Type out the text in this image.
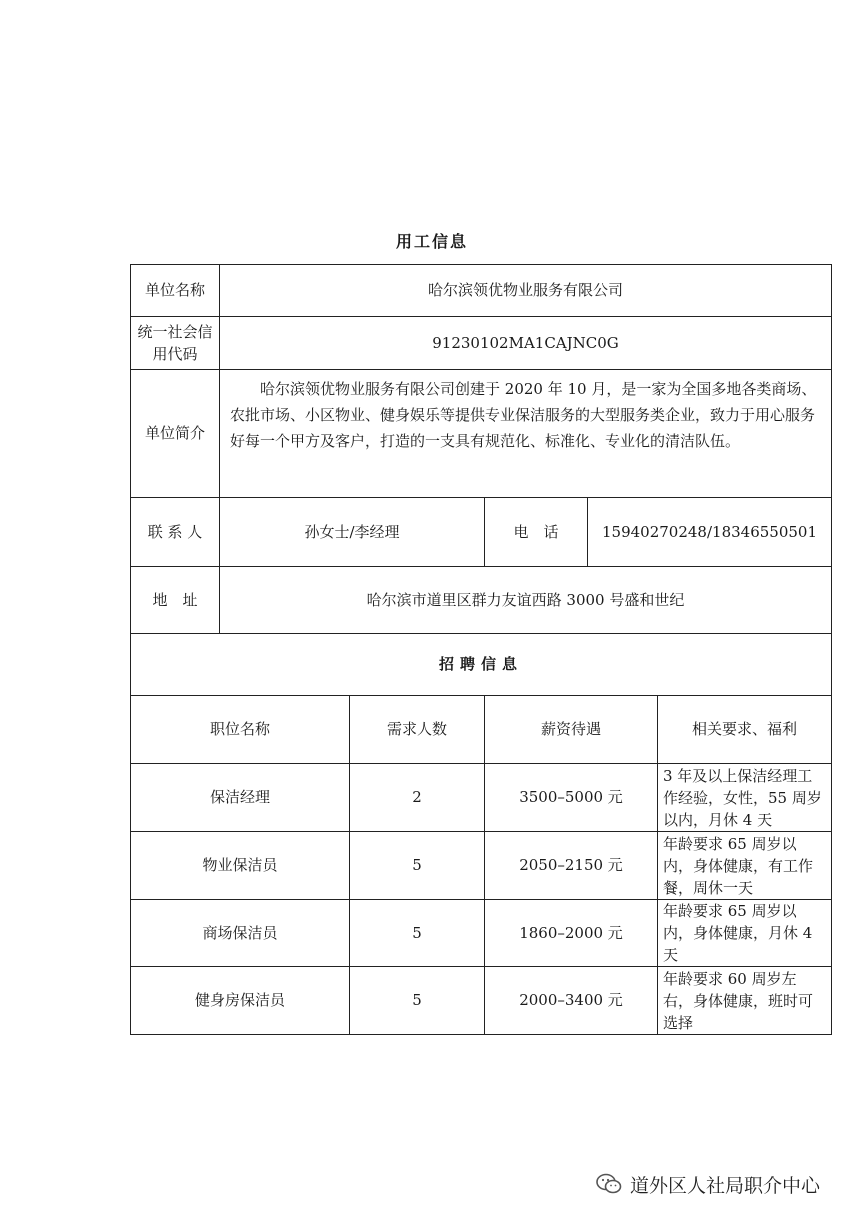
用工信息
单位名称	哈尔滨领优物业服务有限公司				
统一社会信用代码	91230102MA1CAJNC0G				
单位简介	哈尔滨领优物业服务有限公司创建于 2020 年 10 月，是一家为全国多地各类商场、农批市场、小区物业、健身娱乐等提供专业保洁服务的大型服务类企业，致力于用心服务好每一个甲方及客户，打造的一支具有规范化、标准化、专业化的清洁队伍。				

联 系 人	孙女士/李经理		电　话	15940270248/18346550501	
地　址	哈尔滨市道里区群力友谊西路 3000 号盛和世纪				
招聘信息					
职位名称		需求人数	薪资待遇		相关要求、福利
保洁经理		2	3500–5000 元		3 年及以上保洁经理工作经验，女性，55 周岁以内，月休 4 天
物业保洁员		5	2050–2150 元		年龄要求 65 周岁以内，身体健康，有工作餐，周休一天
商场保洁员		5	1860–2000 元		年龄要求 65 周岁以内，身体健康，月休 4 天
健身房保洁员		5	2000–3400 元		年龄要求 60 周岁左右，身体健康，班时可选择
道外区人社局职介中心
